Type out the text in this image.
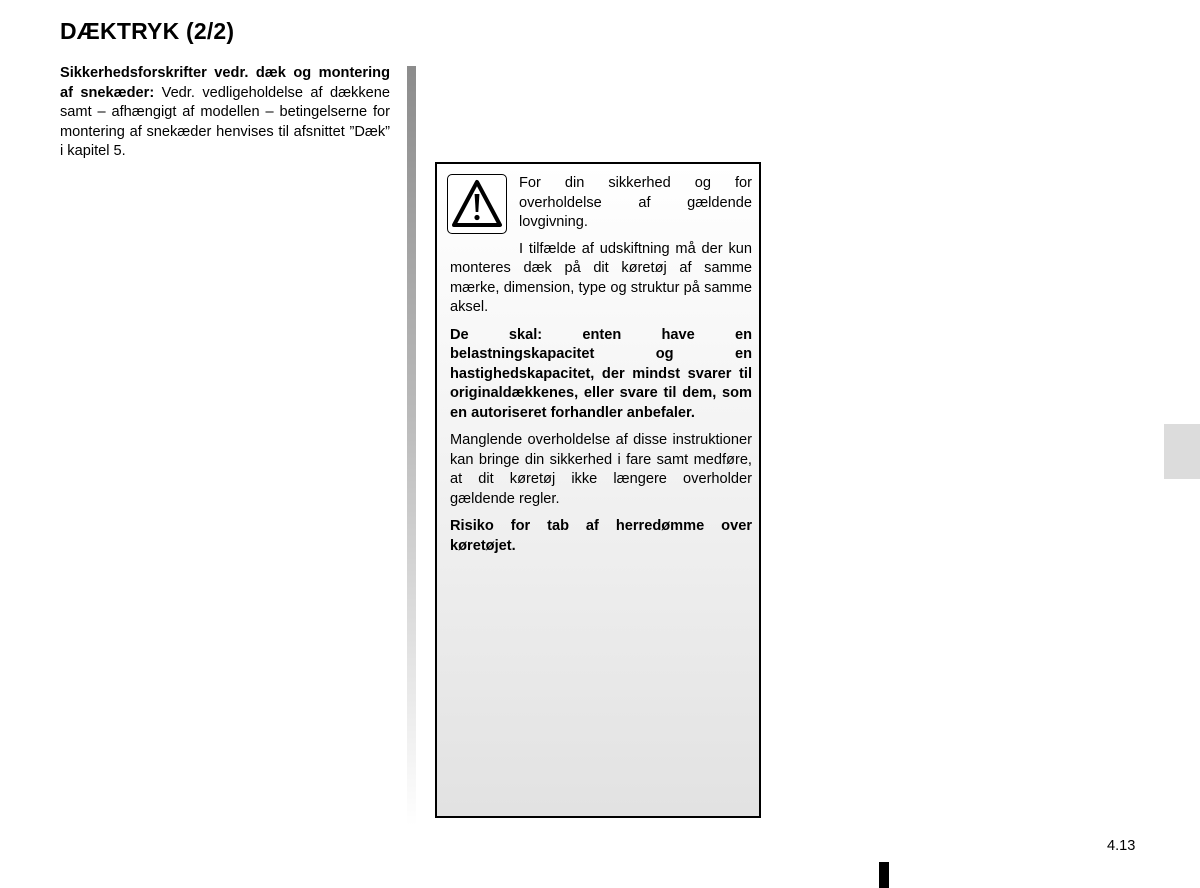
DÆKTRYK (2/2)

Sikkerhedsforskrifter vedr. dæk og montering af snekæder: Vedr. vedligeholdelse af dækkene samt – afhængigt af modellen – betingelserne for montering af snekæder henvises til afsnittet ”Dæk” i kapitel 5.

For din sikkerhed og for overholdelse af gældende lovgivning.

I tilfælde af udskiftning må der kun monteres dæk på dit køretøj af samme mærke, dimension, type og struktur på samme aksel.

De skal: enten have en belastningskapacitet og en hastighedskapacitet, der mindst svarer til originaldækkenes, eller svare til dem, som en autoriseret forhandler anbefaler.

Manglende overholdelse af disse instruktioner kan bringe din sikkerhed i fare samt medføre, at dit køretøj ikke længere overholder gældende regler.

Risiko for tab af herredømme over køretøjet.

4.13
